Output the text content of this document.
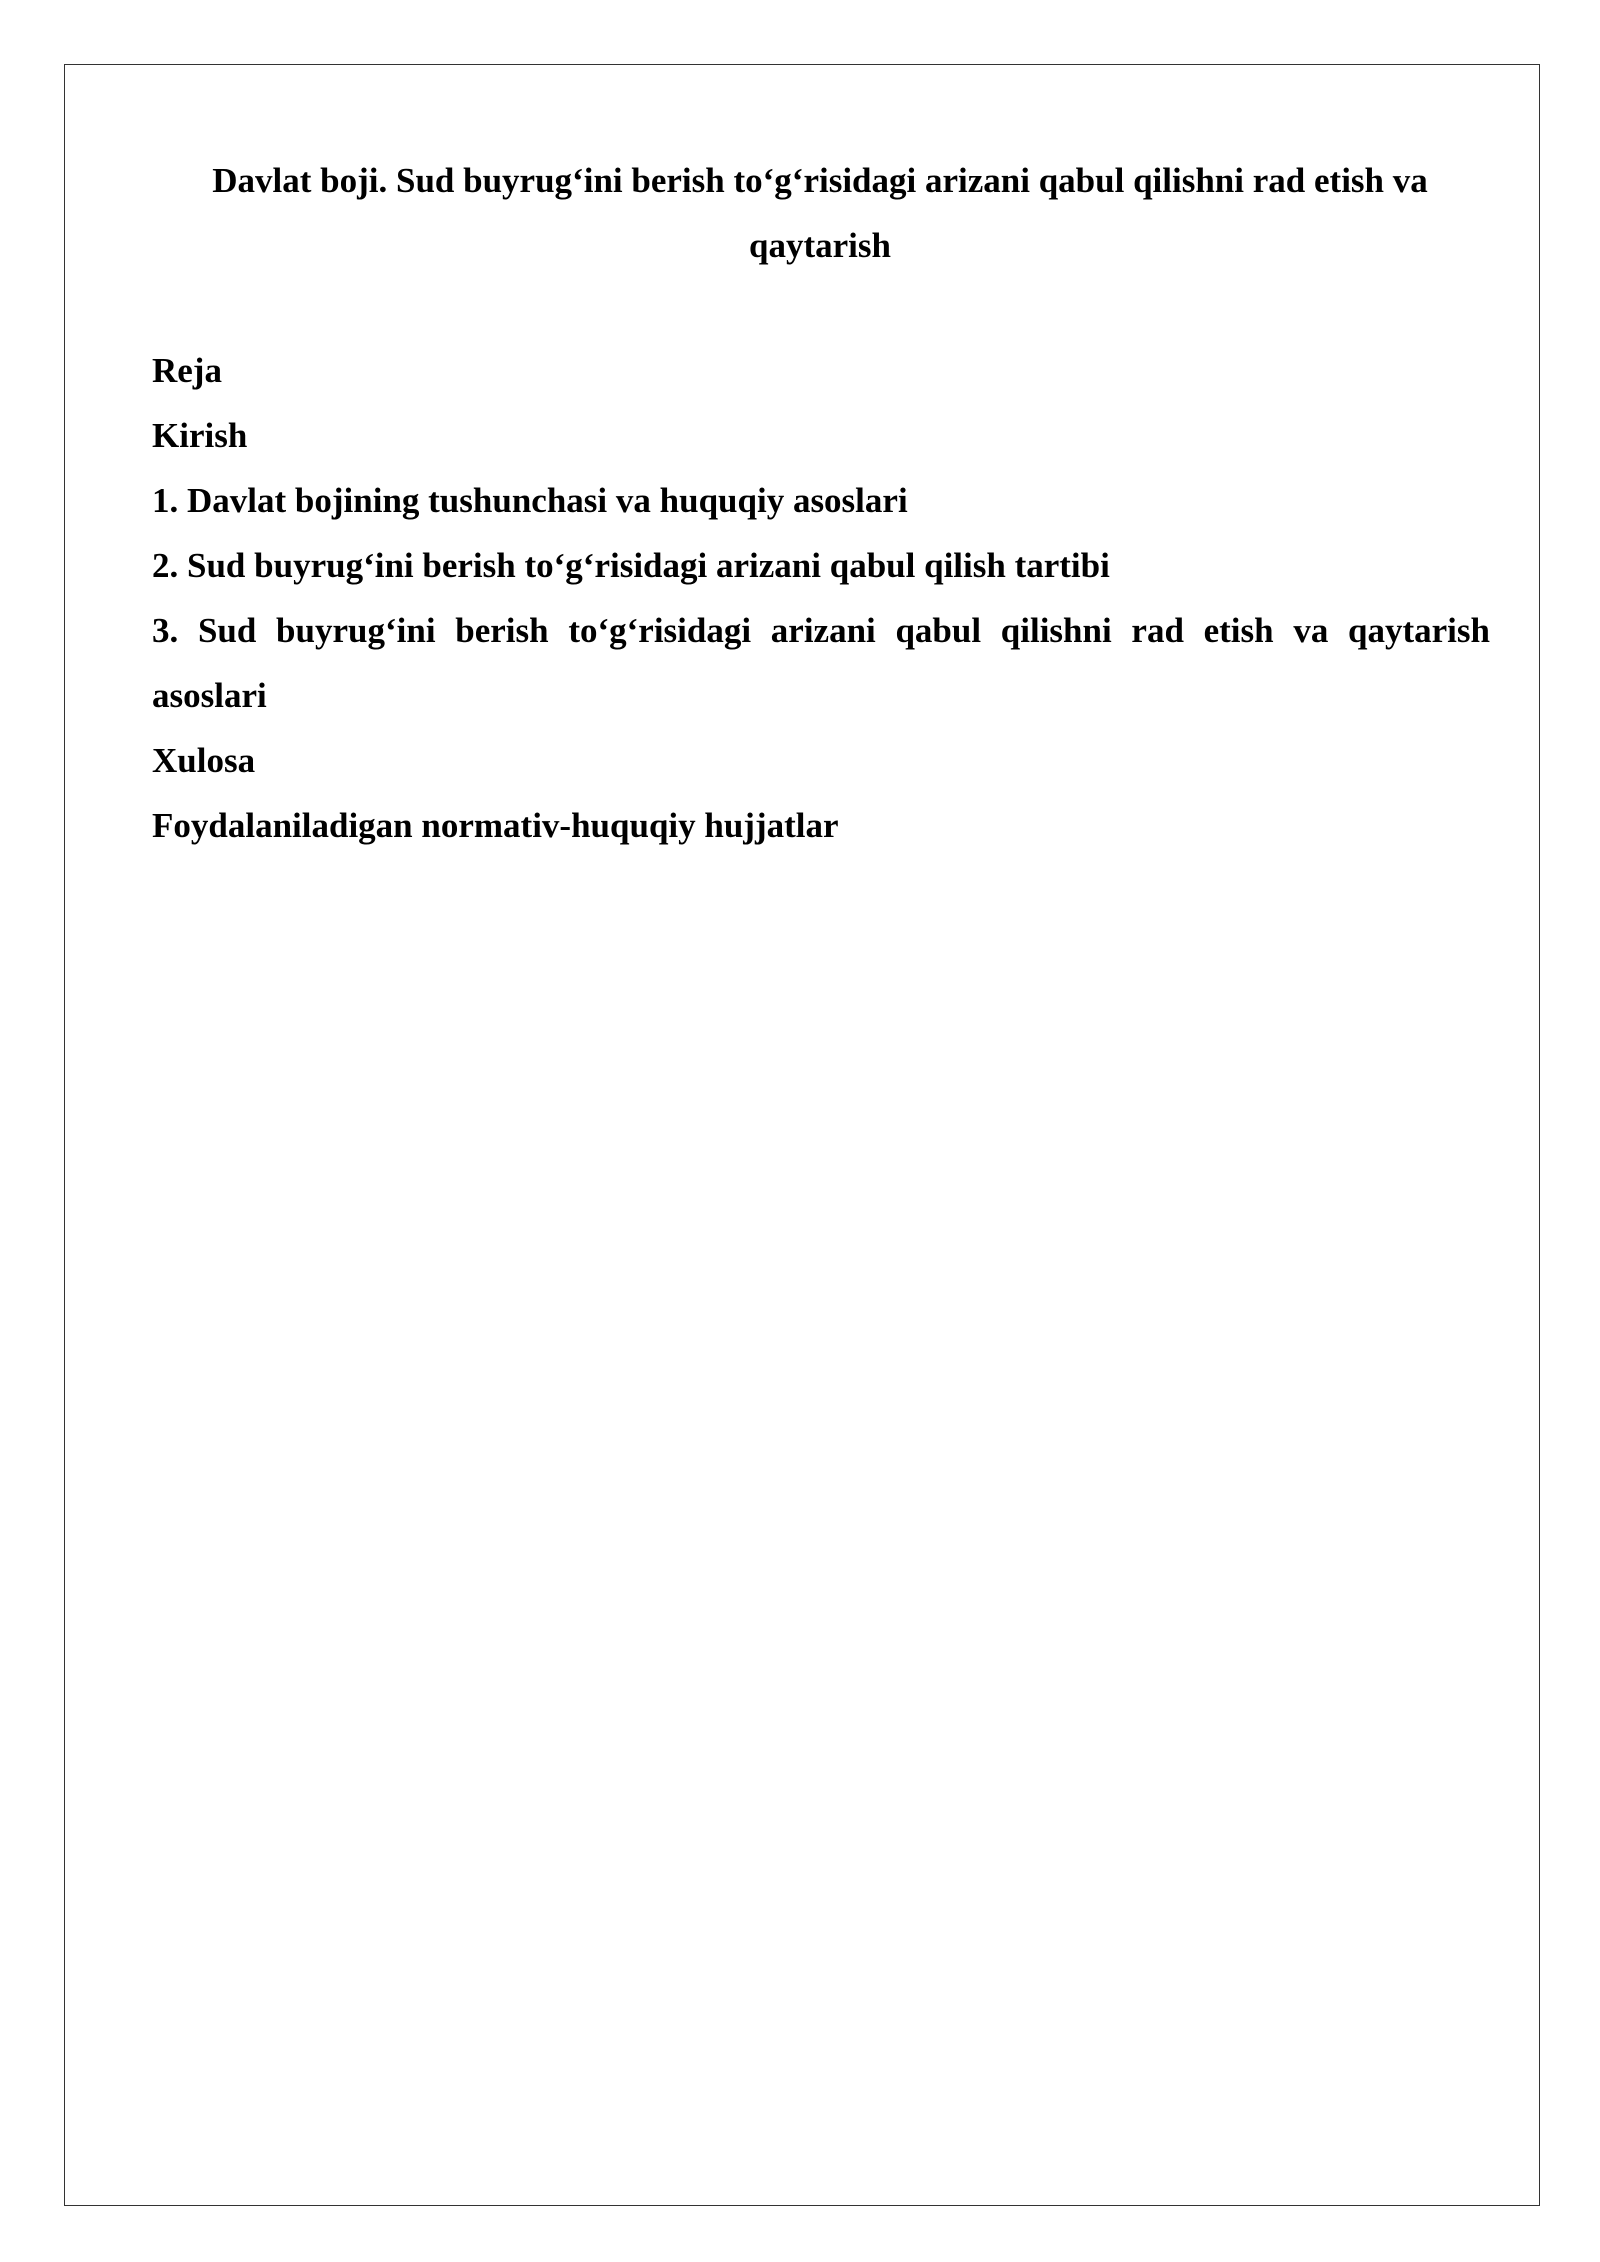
Davlat boji. Sud buyrug‘ini berish to‘g‘risidagi arizani qabul qilishni rad etish va qaytarish
Reja
Kirish
1. Davlat bojining tushunchasi va huquqiy asoslari
2. Sud buyrug‘ini berish to‘g‘risidagi arizani qabul qilish tartibi
3. Sud buyrug‘ini berish to‘g‘risidagi arizani qabul qilishni rad etish va qaytarish asoslari
Xulosa
Foydalaniladigan normativ-huquqiy hujjatlar
